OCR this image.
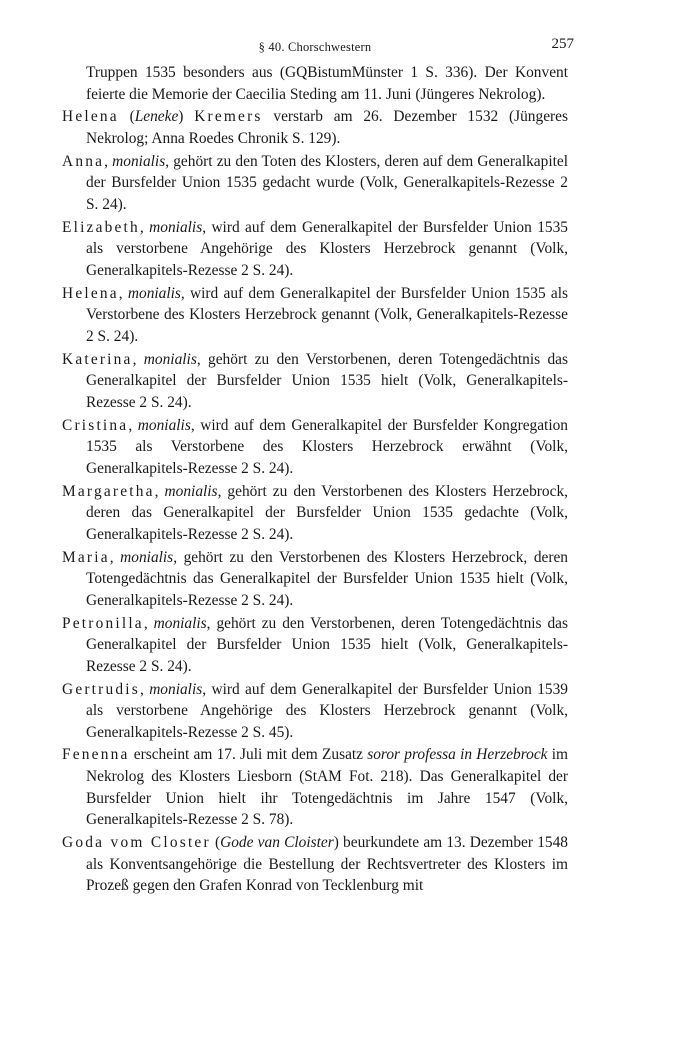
§ 40. Chorschwestern	257

Truppen 1535 besonders aus (GQBistumMünster 1 S. 336). Der Konvent feierte die Memorie der Caecilia Steding am 11. Juni (Jüngeres Nekrolog).

Helena (Leneke) Kremers verstarb am 26. Dezember 1532 (Jüngeres Nekrolog; Anna Roedes Chronik S. 129).

Anna, monialis, gehört zu den Toten des Klosters, deren auf dem Generalkapitel der Bursfelder Union 1535 gedacht wurde (Volk, Generalkapitels-Rezesse 2 S. 24).

Elizabeth, monialis, wird auf dem Generalkapitel der Bursfelder Union 1535 als verstorbene Angehörige des Klosters Herzebrock genannt (Volk, Generalkapitels-Rezesse 2 S. 24).

Helena, monialis, wird auf dem Generalkapitel der Bursfelder Union 1535 als Verstorbene des Klosters Herzebrock genannt (Volk, Generalkapitels-Rezesse 2 S. 24).

Katerina, monialis, gehört zu den Verstorbenen, deren Totengedächtnis das Generalkapitel der Bursfelder Union 1535 hielt (Volk, Generalkapitels-Rezesse 2 S. 24).

Cristina, monialis, wird auf dem Generalkapitel der Bursfelder Kongregation 1535 als Verstorbene des Klosters Herzebrock erwähnt (Volk, Generalkapitels-Rezesse 2 S. 24).

Margaretha, monialis, gehört zu den Verstorbenen des Klosters Herzebrock, deren das Generalkapitel der Bursfelder Union 1535 gedachte (Volk, Generalkapitels-Rezesse 2 S. 24).

Maria, monialis, gehört zu den Verstorbenen des Klosters Herzebrock, deren Totengedächtnis das Generalkapitel der Bursfelder Union 1535 hielt (Volk, Generalkapitels-Rezesse 2 S. 24).

Petronilla, monialis, gehört zu den Verstorbenen, deren Totengedächtnis das Generalkapitel der Bursfelder Union 1535 hielt (Volk, Generalkapitels-Rezesse 2 S. 24).

Gertrudis, monialis, wird auf dem Generalkapitel der Bursfelder Union 1539 als verstorbene Angehörige des Klosters Herzebrock genannt (Volk, Generalkapitels-Rezesse 2 S. 45).

Fenenna erscheint am 17. Juli mit dem Zusatz soror professa in Herzebrock im Nekrolog des Klosters Liesborn (StAM Fot. 218). Das Generalkapitel der Bursfelder Union hielt ihr Totengedächtnis im Jahre 1547 (Volk, Generalkapitels-Rezesse 2 S. 78).

Goda vom Closter (Gode van Cloister) beurkundete am 13. Dezember 1548 als Konventsangehörige die Bestellung der Rechtsvertreter des Klosters im Prozeß gegen den Grafen Konrad von Tecklenburg mit
